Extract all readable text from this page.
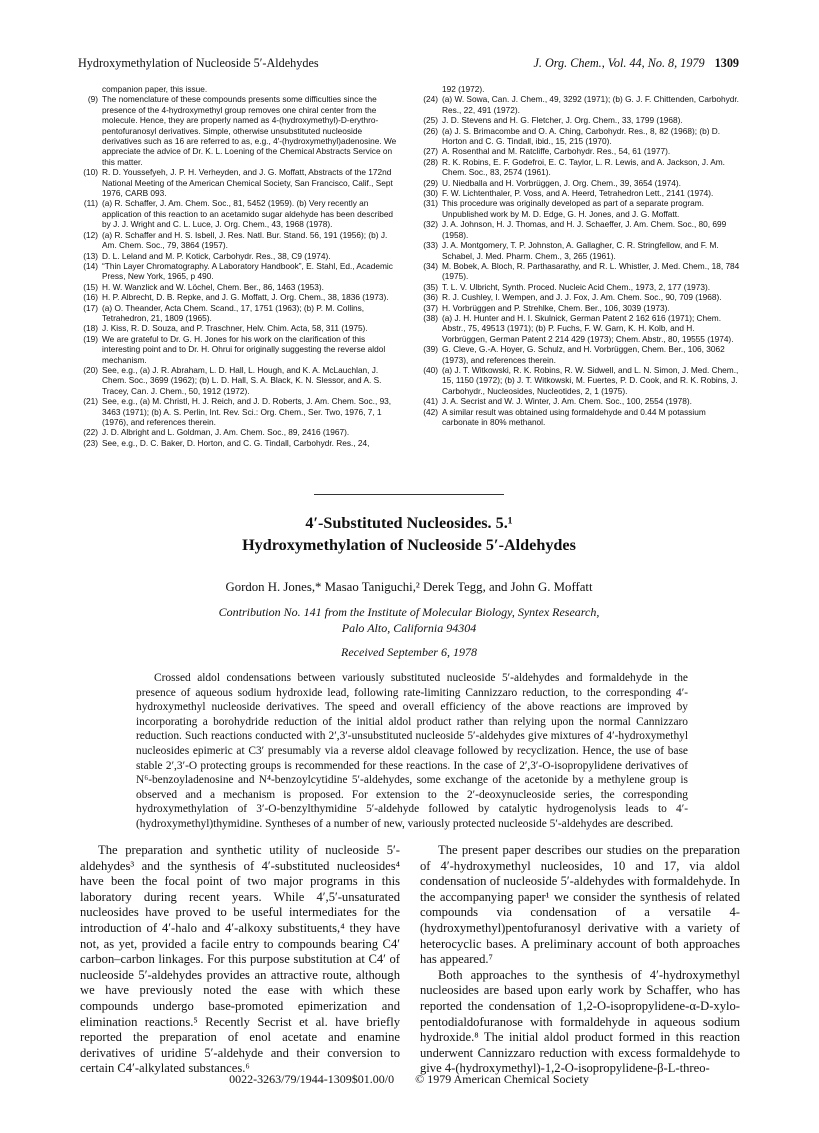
Hydroxymethylation of Nucleoside 5′-Aldehydes	J. Org. Chem., Vol. 44, No. 8, 1979 1309
companion paper, this issue.
(9) The nomenclature of these compounds presents some difficulties since the presence of the 4-hydroxymethyl group removes one chiral center from the molecule. Hence, they are properly named as 4-(hydroxymethyl)-D-erythro-pentofuranosyl derivatives. Simple, otherwise unsubstituted nucleoside derivatives such as 16 are referred to as, e.g., 4′-(hydroxymethyl)adenosine. We appreciate the advice of Dr. K. L. Loening of the Chemical Abstracts Service on this matter.
(10) R. D. Youssefyeh, J. P. H. Verheyden, and J. G. Moffatt, Abstracts of the 172nd National Meeting of the American Chemical Society, San Francisco, Calif., Sept 1976, CARB 093.
(11) (a) R. Schaffer, J. Am. Chem. Soc., 81, 5452 (1959). (b) Very recently an application of this reaction to an acetamido sugar aldehyde has been described by J. J. Wright and C. L. Luce, J. Org. Chem., 43, 1968 (1978).
(12) (a) R. Schaffer and H. S. Isbell, J. Res. Natl. Bur. Stand. 56, 191 (1956); (b) J. Am. Chem. Soc., 79, 3864 (1957).
(13) D. L. Leland and M. P. Kotick, Carbohydr. Res., 38, C9 (1974).
(14) “Thin Layer Chromatography. A Laboratory Handbook”, E. Stahl, Ed., Academic Press, New York, 1965, p 490.
(15) H. W. Wanzlick and W. Löchel, Chem. Ber., 86, 1463 (1953).
(16) H. P. Albrecht, D. B. Repke, and J. G. Moffatt, J. Org. Chem., 38, 1836 (1973).
(17) (a) O. Theander, Acta Chem. Scand., 17, 1751 (1963); (b) P. M. Collins, Tetrahedron, 21, 1809 (1965).
(18) J. Kiss, R. D. Souza, and P. Traschner, Helv. Chim. Acta, 58, 311 (1975).
(19) We are grateful to Dr. G. H. Jones for his work on the clarification of this interesting point and to Dr. H. Ohrui for originally suggesting the reverse aldol mechanism.
(20) See, e.g., (a) J. R. Abraham, L. D. Hall, L. Hough, and K. A. McLauchlan, J. Chem. Soc., 3699 (1962); (b) L. D. Hall, S. A. Black, K. N. Slessor, and A. S. Tracey, Can. J. Chem., 50, 1912 (1972).
(21) See, e.g., (a) M. Christl, H. J. Reich, and J. D. Roberts, J. Am. Chem. Soc., 93, 3463 (1971); (b) A. S. Perlin, Int. Rev. Sci.: Org. Chem., Ser. Two, 1976, 7, 1 (1976), and references therein.
(22) J. D. Albright and L. Goldman, J. Am. Chem. Soc., 89, 2416 (1967).
(23) See, e.g., D. C. Baker, D. Horton, and C. G. Tindall, Carbohydr. Res., 24,
192 (1972).
(24) (a) W. Sowa, Can. J. Chem., 49, 3292 (1971); (b) G. J. F. Chittenden, Carbohydr. Res., 22, 491 (1972).
(25) J. D. Stevens and H. G. Fletcher, J. Org. Chem., 33, 1799 (1968).
(26) (a) J. S. Brimacombe and O. A. Ching, Carbohydr. Res., 8, 82 (1968); (b) D. Horton and C. G. Tindall, ibid., 15, 215 (1970).
(27) A. Rosenthal and M. Ratcliffe, Carbohydr. Res., 54, 61 (1977).
(28) R. K. Robins, E. F. Godefroi, E. C. Taylor, L. R. Lewis, and A. Jackson, J. Am. Chem. Soc., 83, 2574 (1961).
(29) U. Niedballa and H. Vorbrüggen, J. Org. Chem., 39, 3654 (1974).
(30) F. W. Lichtenthaler, P. Voss, and A. Heerd, Tetrahedron Lett., 2141 (1974).
(31) This procedure was originally developed as part of a separate program. Unpublished work by M. D. Edge, G. H. Jones, and J. G. Moffatt.
(32) J. A. Johnson, H. J. Thomas, and H. J. Schaeffer, J. Am. Chem. Soc., 80, 699 (1958).
(33) J. A. Montgomery, T. P. Johnston, A. Gallagher, C. R. Stringfellow, and F. M. Schabel, J. Med. Pharm. Chem., 3, 265 (1961).
(34) M. Bobek, A. Bloch, R. Parthasarathy, and R. L. Whistler, J. Med. Chem., 18, 784 (1975).
(35) T. L. V. Ulbricht, Synth. Proced. Nucleic Acid Chem., 1973, 2, 177 (1973).
(36) R. J. Cushley, I. Wempen, and J. J. Fox, J. Am. Chem. Soc., 90, 709 (1968).
(37) H. Vorbrüggen and P. Strehlke, Chem. Ber., 106, 3039 (1973).
(38) (a) J. H. Hunter and H. I. Skulnick, German Patent 2 162 616 (1971); Chem. Abstr., 75, 49513 (1971); (b) P. Fuchs, F. W. Garn, K. H. Kolb, and H. Vorbrüggen, German Patent 2 214 429 (1973); Chem. Abstr., 80, 19555 (1974).
(39) G. Cleve, G.-A. Hoyer, G. Schulz, and H. Vorbrüggen, Chem. Ber., 106, 3062 (1973), and references therein.
(40) (a) J. T. Witkowski, R. K. Robins, R. W. Sidwell, and L. N. Simon, J. Med. Chem., 15, 1150 (1972); (b) J. T. Witkowski, M. Fuertes, P. D. Cook, and R. K. Robins, J. Carbohydr., Nucleosides, Nucleotides, 2, 1 (1975).
(41) J. A. Secrist and W. J. Winter, J. Am. Chem. Soc., 100, 2554 (1978).
(42) A similar result was obtained using formaldehyde and 0.44 M potassium carbonate in 80% methanol.
4′-Substituted Nucleosides. 5.¹
Hydroxymethylation of Nucleoside 5′-Aldehydes
Gordon H. Jones,* Masao Taniguchi,² Derek Tegg, and John G. Moffatt
Contribution No. 141 from the Institute of Molecular Biology, Syntex Research,
Palo Alto, California 94304
Received September 6, 1978

Crossed aldol condensations between variously substituted nucleoside 5′-aldehydes and formaldehyde in the presence of aqueous sodium hydroxide lead, following rate-limiting Cannizzaro reduction, to the corresponding 4′-hydroxymethyl nucleoside derivatives. The speed and overall efficiency of the above reactions are improved by incorporating a borohydride reduction of the initial aldol product rather than relying upon the normal Cannizzaro reduction. Such reactions conducted with 2′,3′-unsubstituted nucleoside 5′-aldehydes give mixtures of 4′-hydroxymethyl nucleosides epimeric at C3′ presumably via a reverse aldol cleavage followed by recyclization. Hence, the use of base stable 2′,3′-O protecting groups is recommended for these reactions. In the case of 2′,3′-O-isopropylidene derivatives of N⁶-benzoyladenosine and N⁴-benzoylcytidine 5′-aldehydes, some exchange of the acetonide by a methylene group is observed and a mechanism is proposed. For extension to the 2′-deoxynucleoside series, the corresponding hydroxymethylation of 3′-O-benzylthymidine 5′-aldehyde followed by catalytic hydrogenolysis leads to 4′-(hydroxymethyl)thymidine. Syntheses of a number of new, variously protected nucleoside 5′-aldehydes are described.

The preparation and synthetic utility of nucleoside 5′-aldehydes³ and the synthesis of 4′-substituted nucleosides⁴ have been the focal point of two major programs in this laboratory during recent years. While 4′,5′-unsaturated nucleosides have proved to be useful intermediates for the introduction of 4′-halo and 4′-alkoxy substituents,⁴ they have not, as yet, provided a facile entry to compounds bearing C4′ carbon–carbon linkages. For this purpose substitution at C4′ of nucleoside 5′-aldehydes provides an attractive route, although we have previously noted the ease with which these compounds undergo base-promoted epimerization and elimination reactions.⁵ Recently Secrist et al. have briefly reported the preparation of enol acetate and enamine derivatives of uridine 5′-aldehyde and their conversion to certain C4′-alkylated substances.⁶

The present paper describes our studies on the preparation of 4′-hydroxymethyl nucleosides, 10 and 17, via aldol condensation of nucleoside 5′-aldehydes with formaldehyde. In the accompanying paper¹ we consider the synthesis of related compounds via condensation of a versatile 4-(hydroxymethyl)pentofuranosyl derivative with a variety of heterocyclic bases. A preliminary account of both approaches has appeared.⁷

Both approaches to the synthesis of 4′-hydroxymethyl nucleosides are based upon early work by Schaffer, who has reported the condensation of 1,2-O-isopropylidene-α-D-xylo-pentodialdofuranose with formaldehyde in aqueous sodium hydroxide.⁸ The initial aldol product formed in this reaction underwent Cannizzaro reduction with excess formaldehyde to give 4-(hydroxymethyl)-1,2-O-isopropylidene-β-L-threo-

0022-3263/79/1944-1309$01.00/0 © 1979 American Chemical Society
